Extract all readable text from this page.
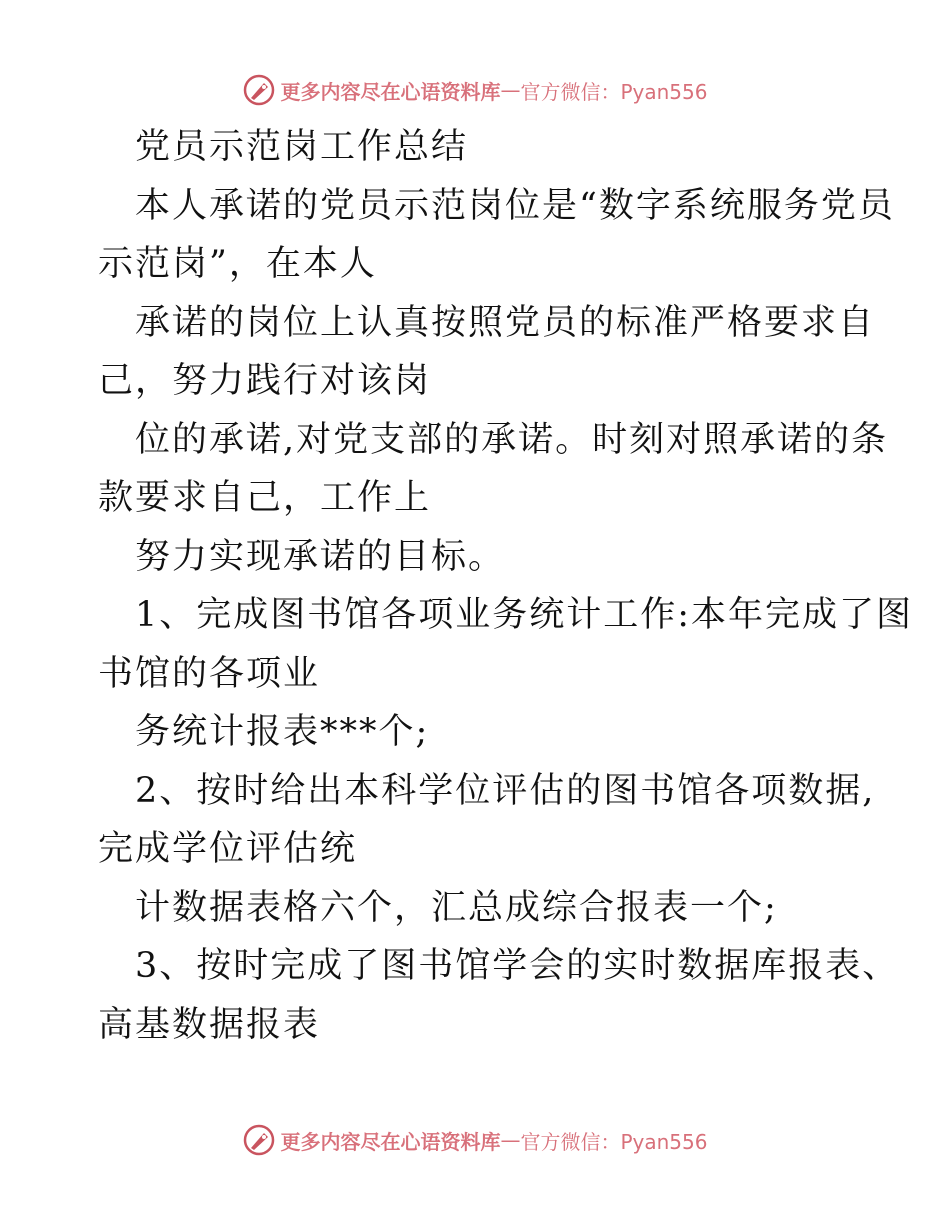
更多内容尽在心语资料库 — 官方微信：Pyan556
党员示范岗工作总结
本人承诺的党员示范岗位是“数字系统服务党员
示范岗”，在本人
承诺的岗位上认真按照党员的标准严格要求自
己，努力践行对该岗
位的承诺,对党支部的承诺。时刻对照承诺的条
款要求自己，工作上
努力实现承诺的目标。
1、完成图书馆各项业务统计工作:本年完成了图
书馆的各项业
务统计报表***个;
2、按时给出本科学位评估的图书馆各项数据,
完成学位评估统
计数据表格六个，汇总成综合报表一个;
3、按时完成了图书馆学会的实时数据库报表、
高基数据报表
更多内容尽在心语资料库 — 官方微信：Pyan556
